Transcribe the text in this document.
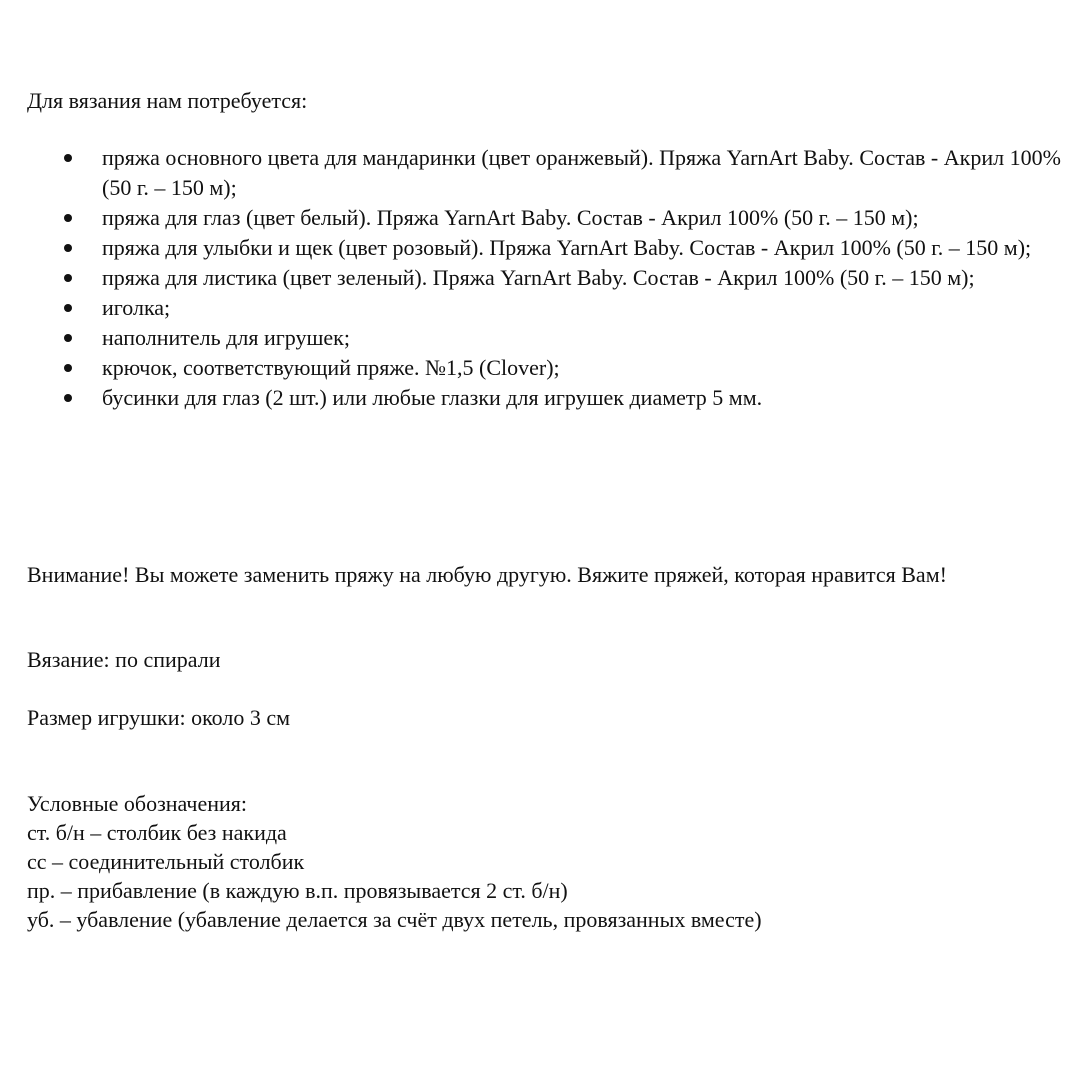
Для вязания нам потребуется:

пряжа основного цвета для мандаринки (цвет оранжевый). Пряжа YarnArt Baby. Состав - Акрил 100% (50 г. – 150 м);
пряжа для глаз (цвет белый). Пряжа YarnArt Baby. Состав - Акрил 100% (50 г. – 150 м);
пряжа для улыбки и щек (цвет розовый). Пряжа YarnArt Baby. Состав - Акрил 100% (50 г. – 150 м);
пряжа для листика (цвет зеленый). Пряжа YarnArt Baby. Состав - Акрил 100% (50 г. – 150 м);
иголка;
наполнитель для игрушек;
крючок, соответствующий пряже. №1,5 (Clover);
бусинки для глаз (2 шт.) или любые глазки для игрушек диаметр 5 мм.

Внимание! Вы можете заменить пряжу на любую другую. Вяжите пряжей, которая нравится Вам!

Вязание: по спирали

Размер игрушки: около 3 см

Условные обозначения:
ст. б/н – столбик без накида
сс – соединительный столбик
пр. – прибавление (в каждую в.п. провязывается 2 ст. б/н)
уб. – убавление (убавление делается за счёт двух петель, провязанных вместе)
